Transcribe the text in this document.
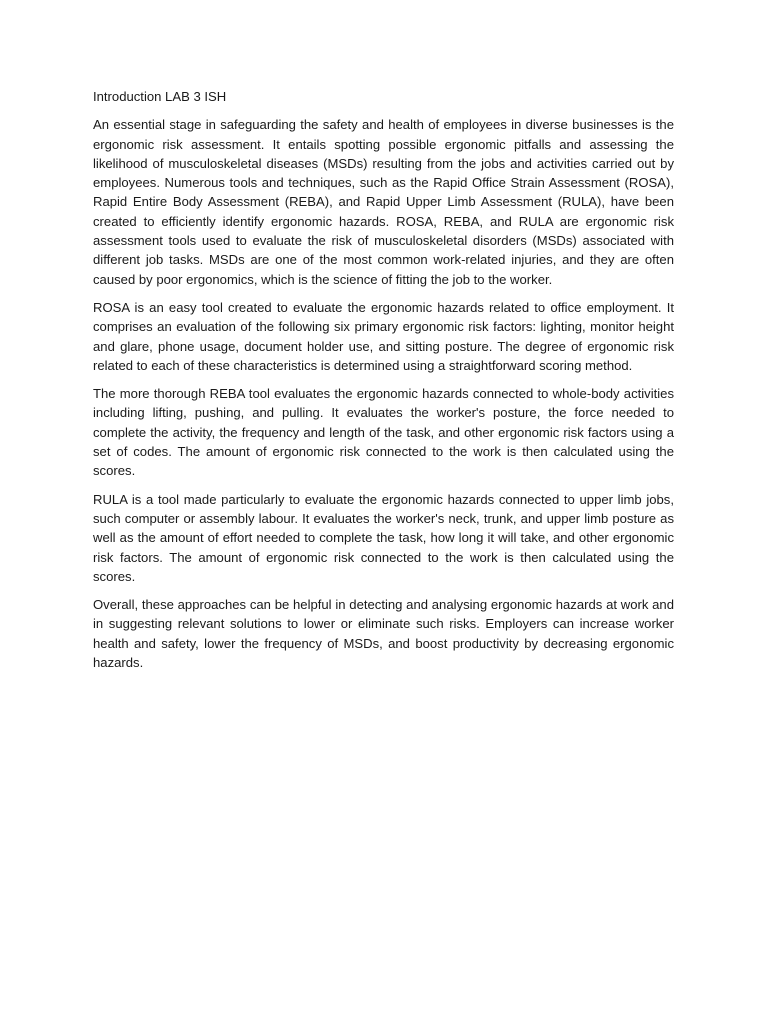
Introduction LAB 3 ISH

An essential stage in safeguarding the safety and health of employees in diverse businesses is the ergonomic risk assessment. It entails spotting possible ergonomic pitfalls and assessing the likelihood of musculoskeletal diseases (MSDs) resulting from the jobs and activities carried out by employees. Numerous tools and techniques, such as the Rapid Office Strain Assessment (ROSA), Rapid Entire Body Assessment (REBA), and Rapid Upper Limb Assessment (RULA), have been created to efficiently identify ergonomic hazards. ROSA, REBA, and RULA are ergonomic risk assessment tools used to evaluate the risk of musculoskeletal disorders (MSDs) associated with different job tasks. MSDs are one of the most common work-related injuries, and they are often caused by poor ergonomics, which is the science of fitting the job to the worker.

ROSA is an easy tool created to evaluate the ergonomic hazards related to office employment. It comprises an evaluation of the following six primary ergonomic risk factors: lighting, monitor height and glare, phone usage, document holder use, and sitting posture. The degree of ergonomic risk related to each of these characteristics is determined using a straightforward scoring method.

The more thorough REBA tool evaluates the ergonomic hazards connected to whole-body activities including lifting, pushing, and pulling. It evaluates the worker's posture, the force needed to complete the activity, the frequency and length of the task, and other ergonomic risk factors using a set of codes. The amount of ergonomic risk connected to the work is then calculated using the scores.

RULA is a tool made particularly to evaluate the ergonomic hazards connected to upper limb jobs, such computer or assembly labour. It evaluates the worker's neck, trunk, and upper limb posture as well as the amount of effort needed to complete the task, how long it will take, and other ergonomic risk factors. The amount of ergonomic risk connected to the work is then calculated using the scores.

Overall, these approaches can be helpful in detecting and analysing ergonomic hazards at work and in suggesting relevant solutions to lower or eliminate such risks. Employers can increase worker health and safety, lower the frequency of MSDs, and boost productivity by decreasing ergonomic hazards.
